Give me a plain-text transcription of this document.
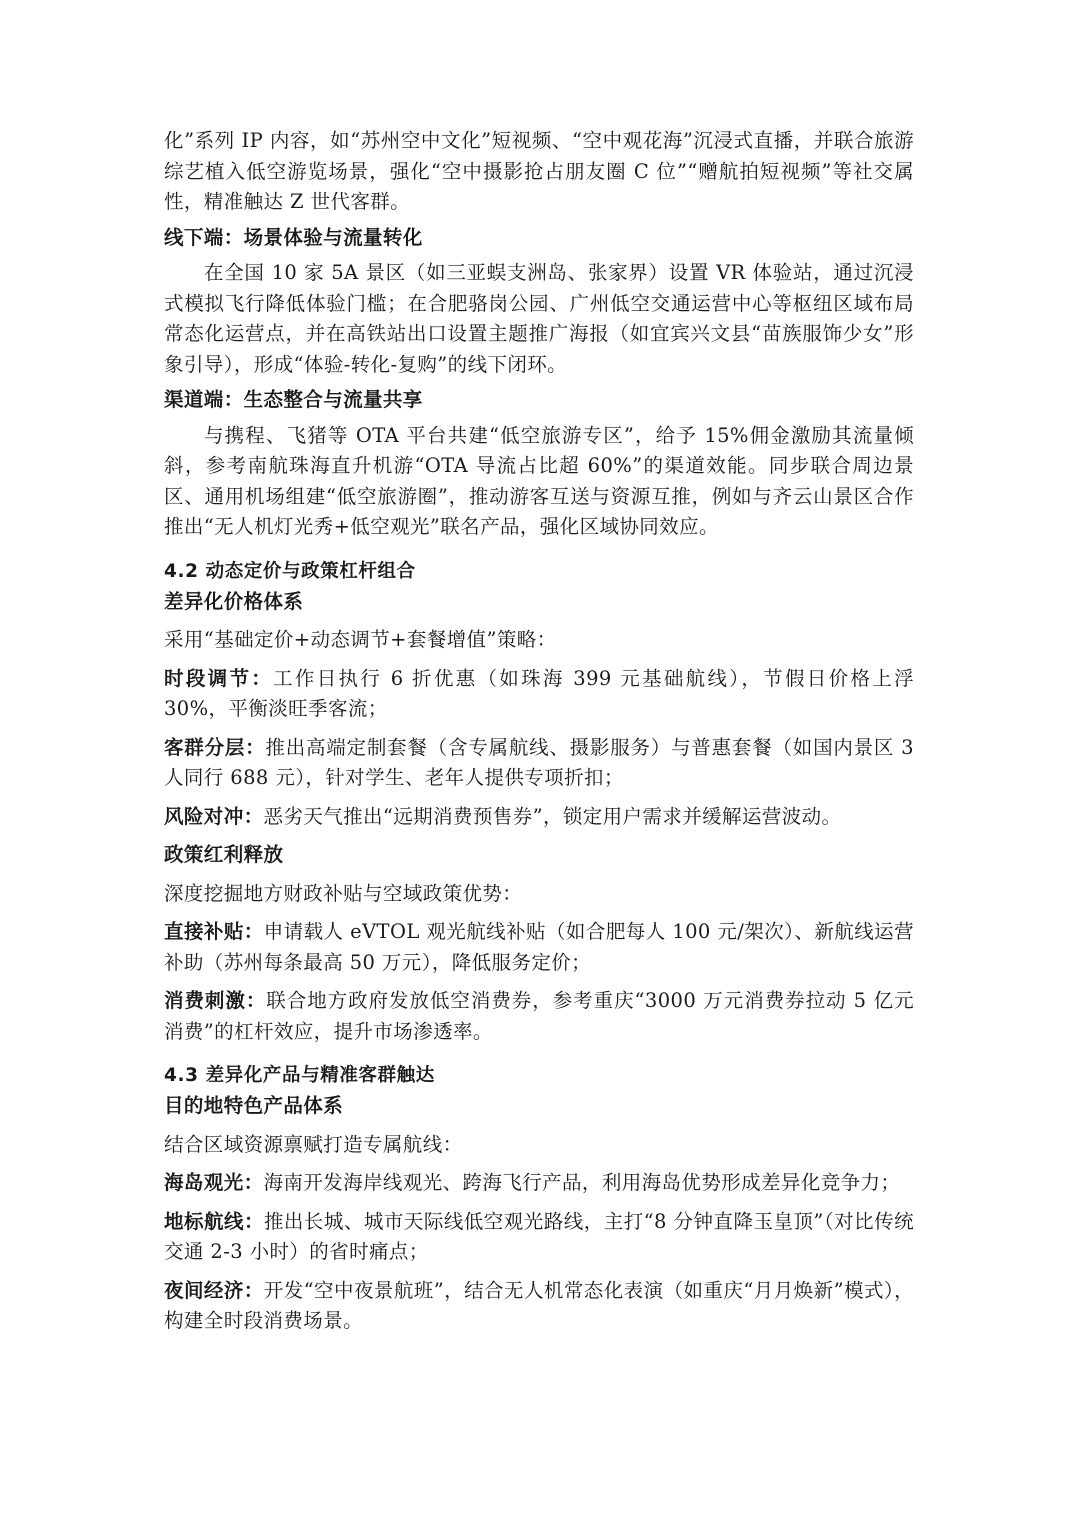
化”系列 IP 内容，如“苏州空中文化”短视频、“空中观花海”沉浸式直播，并联合旅游综艺植入低空游览场景，强化“空中摄影抢占朋友圈 C 位”“赠航拍短视频”等社交属性，精准触达 Z 世代客群。

线下端：场景体验与流量转化

在全国 10 家 5A 景区（如三亚蜈支洲岛、张家界）设置 VR 体验站，通过沉浸式模拟飞行降低体验门槛；在合肥骆岗公园、广州低空交通运营中心等枢纽区域布局常态化运营点，并在高铁站出口设置主题推广海报（如宜宾兴文县“苗族服饰少女”形象引导），形成“体验-转化-复购”的线下闭环。

渠道端：生态整合与流量共享

与携程、飞猪等 OTA 平台共建“低空旅游专区”，给予 15%佣金激励其流量倾斜，参考南航珠海直升机游“OTA 导流占比超 60%”的渠道效能。同步联合周边景区、通用机场组建“低空旅游圈”，推动游客互送与资源互推，例如与齐云山景区合作推出“无人机灯光秀+低空观光”联名产品，强化区域协同效应。

4.2 动态定价与政策杠杆组合

差异化价格体系

采用“基础定价+动态调节+套餐增值”策略：

时段调节：工作日执行 6 折优惠（如珠海 399 元基础航线），节假日价格上浮 30%，平衡淡旺季客流；

客群分层：推出高端定制套餐（含专属航线、摄影服务）与普惠套餐（如国内景区 3 人同行 688 元），针对学生、老年人提供专项折扣；

风险对冲：恶劣天气推出“远期消费预售券”，锁定用户需求并缓解运营波动。

政策红利释放

深度挖掘地方财政补贴与空域政策优势：

直接补贴：申请载人 eVTOL 观光航线补贴（如合肥每人 100 元/架次）、新航线运营补助（苏州每条最高 50 万元），降低服务定价；

消费刺激：联合地方政府发放低空消费券，参考重庆“3000 万元消费券拉动 5 亿元消费”的杠杆效应，提升市场渗透率。

4.3 差异化产品与精准客群触达

目的地特色产品体系

结合区域资源禀赋打造专属航线：

海岛观光：海南开发海岸线观光、跨海飞行产品，利用海岛优势形成差异化竞争力；

地标航线：推出长城、城市天际线低空观光路线，主打“8 分钟直降玉皇顶”（对比传统交通 2-3 小时）的省时痛点；

夜间经济：开发“空中夜景航班”，结合无人机常态化表演（如重庆“月月焕新”模式），构建全时段消费场景。
